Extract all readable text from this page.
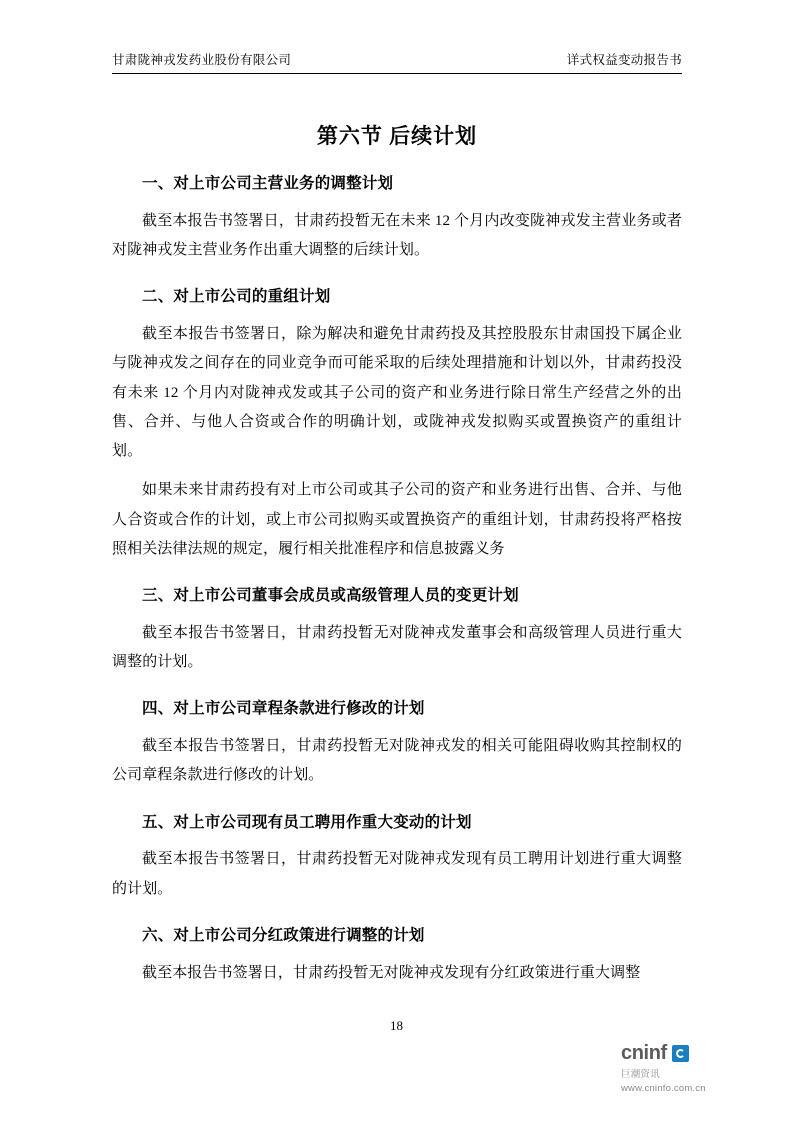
甘肃陇神戎发药业股份有限公司	详式权益变动报告书
第六节 后续计划
一、对上市公司主营业务的调整计划

截至本报告书签署日，甘肃药投暂无在未来 12 个月内改变陇神戎发主营业务或者对陇神戎发主营业务作出重大调整的后续计划。

二、对上市公司的重组计划

截至本报告书签署日，除为解决和避免甘肃药投及其控股股东甘肃国投下属企业与陇神戎发之间存在的同业竞争而可能采取的后续处理措施和计划以外，甘肃药投没有未来 12 个月内对陇神戎发或其子公司的资产和业务进行除日常生产经营之外的出售、合并、与他人合资或合作的明确计划，或陇神戎发拟购买或置换资产的重组计划。

如果未来甘肃药投有对上市公司或其子公司的资产和业务进行出售、合并、与他人合资或合作的计划，或上市公司拟购买或置换资产的重组计划，甘肃药投将严格按照相关法律法规的规定，履行相关批准程序和信息披露义务

三、对上市公司董事会成员或高级管理人员的变更计划

截至本报告书签署日，甘肃药投暂无对陇神戎发董事会和高级管理人员进行重大调整的计划。

四、对上市公司章程条款进行修改的计划

截至本报告书签署日，甘肃药投暂无对陇神戎发的相关可能阻碍收购其控制权的公司章程条款进行修改的计划。

五、对上市公司现有员工聘用作重大变动的计划

截至本报告书签署日，甘肃药投暂无对陇神戎发现有员工聘用计划进行重大调整的计划。

六、对上市公司分红政策进行调整的计划

截至本报告书签署日，甘肃药投暂无对陇神戎发现有分红政策进行重大调整

18
cninf
巨潮资讯
www.cninfo.com.cn
